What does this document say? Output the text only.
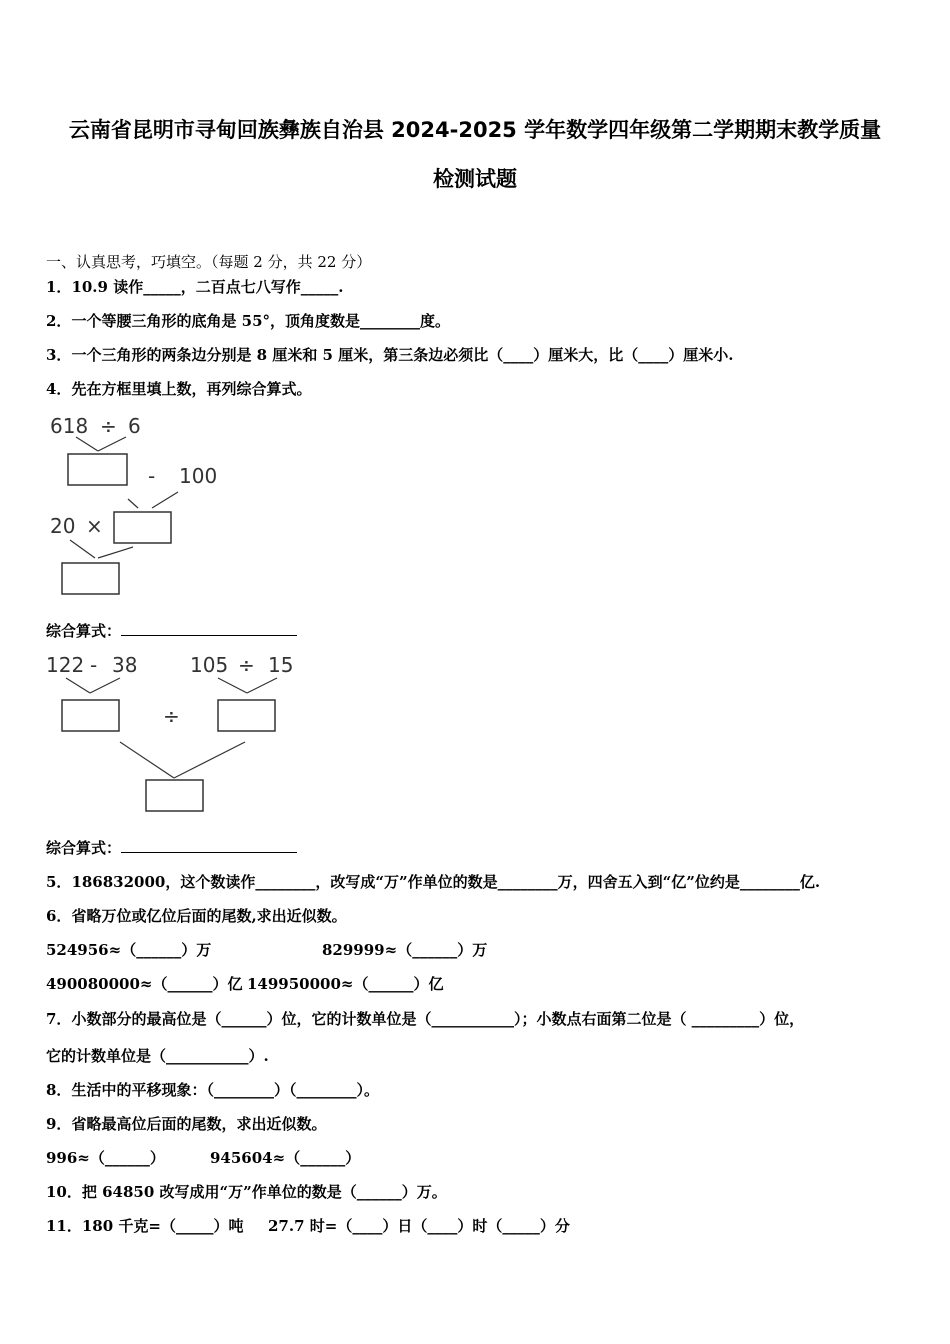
云南省昆明市寻甸回族彝族自治县 2024-2025 学年数学四年级第二学期期末教学质量
检测试题
一、认真思考，巧填空。（每题 2 分，共 22 分）
1．10.9 读作_____，二百点七八写作_____.
2．一个等腰三角形的底角是 55°，顶角度数是________度。
3．一个三角形的两条边分别是 8 厘米和 5 厘米，第三条边必须比（____）厘米大，比（____）厘米小.
4．先在方框里填上数，再列综合算式。
618 ÷ 6
- 100
20 ×
综合算式：
122 - 38	105 ÷ 15
÷
综合算式：
5．186832000，这个数读作________，改写成“万”作单位的数是________万，四舍五入到“亿”位约是________亿.
6．省略万位或亿位后面的尾数,求出近似数。
524956≈（______）万	829999≈（______）万
490080000≈（______）亿 149950000≈（______）亿
7．小数部分的最高位是（______）位，它的计数单位是（___________）；小数点右面第二位是（ _________）位，
它的计数单位是（___________）.
8．生活中的平移现象：（________）（________）。
9．省略最高位后面的尾数，求出近似数。
996≈（______）	945604≈（______）
10．把 64850 改写成用“万”作单位的数是（______）万。
11．180 千克=（_____）吨 27.7 时=（____）日（____）时（_____）分
